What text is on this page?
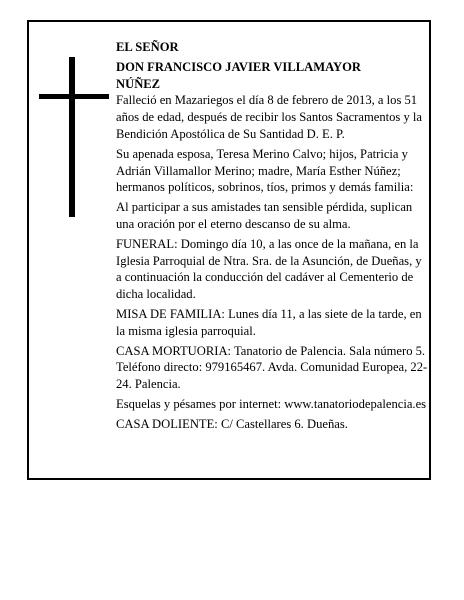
EL SEÑOR

DON FRANCISCO JAVIER VILLAMAYOR

NÚÑEZ

Falleció en Mazariegos el día 8 de febrero de 2013, a los 51 años de edad, después de recibir los Santos Sacramentos y la Bendición Apostólica de Su Santidad D. E. P.

Su apenada esposa, Teresa Merino Calvo; hijos, Patricia y Adrián Villamallor Merino; madre, María Esther Núñez; hermanos políticos, sobrinos, tíos, primos y demás familia:

Al participar a sus amistades tan sensible pérdida, suplican una oración por el eterno descanso de su alma.

FUNERAL: Domingo día 10, a las once de la mañana, en la Iglesia Parroquial de Ntra. Sra. de la Asunción, de Dueñas, y a continuación la conducción del cadáver al Cementerio de dicha localidad.

MISA DE FAMILIA: Lunes día 11, a las siete de la tarde, en la misma iglesia parroquial.

CASA MORTUORIA: Tanatorio de Palencia. Sala número 5. Teléfono directo: 979165467. Avda. Comunidad Europea, 22-24. Palencia.

Esquelas y pésames por internet: www.tanatoriodepalencia.es

CASA DOLIENTE: C/ Castellares 6. Dueñas.
